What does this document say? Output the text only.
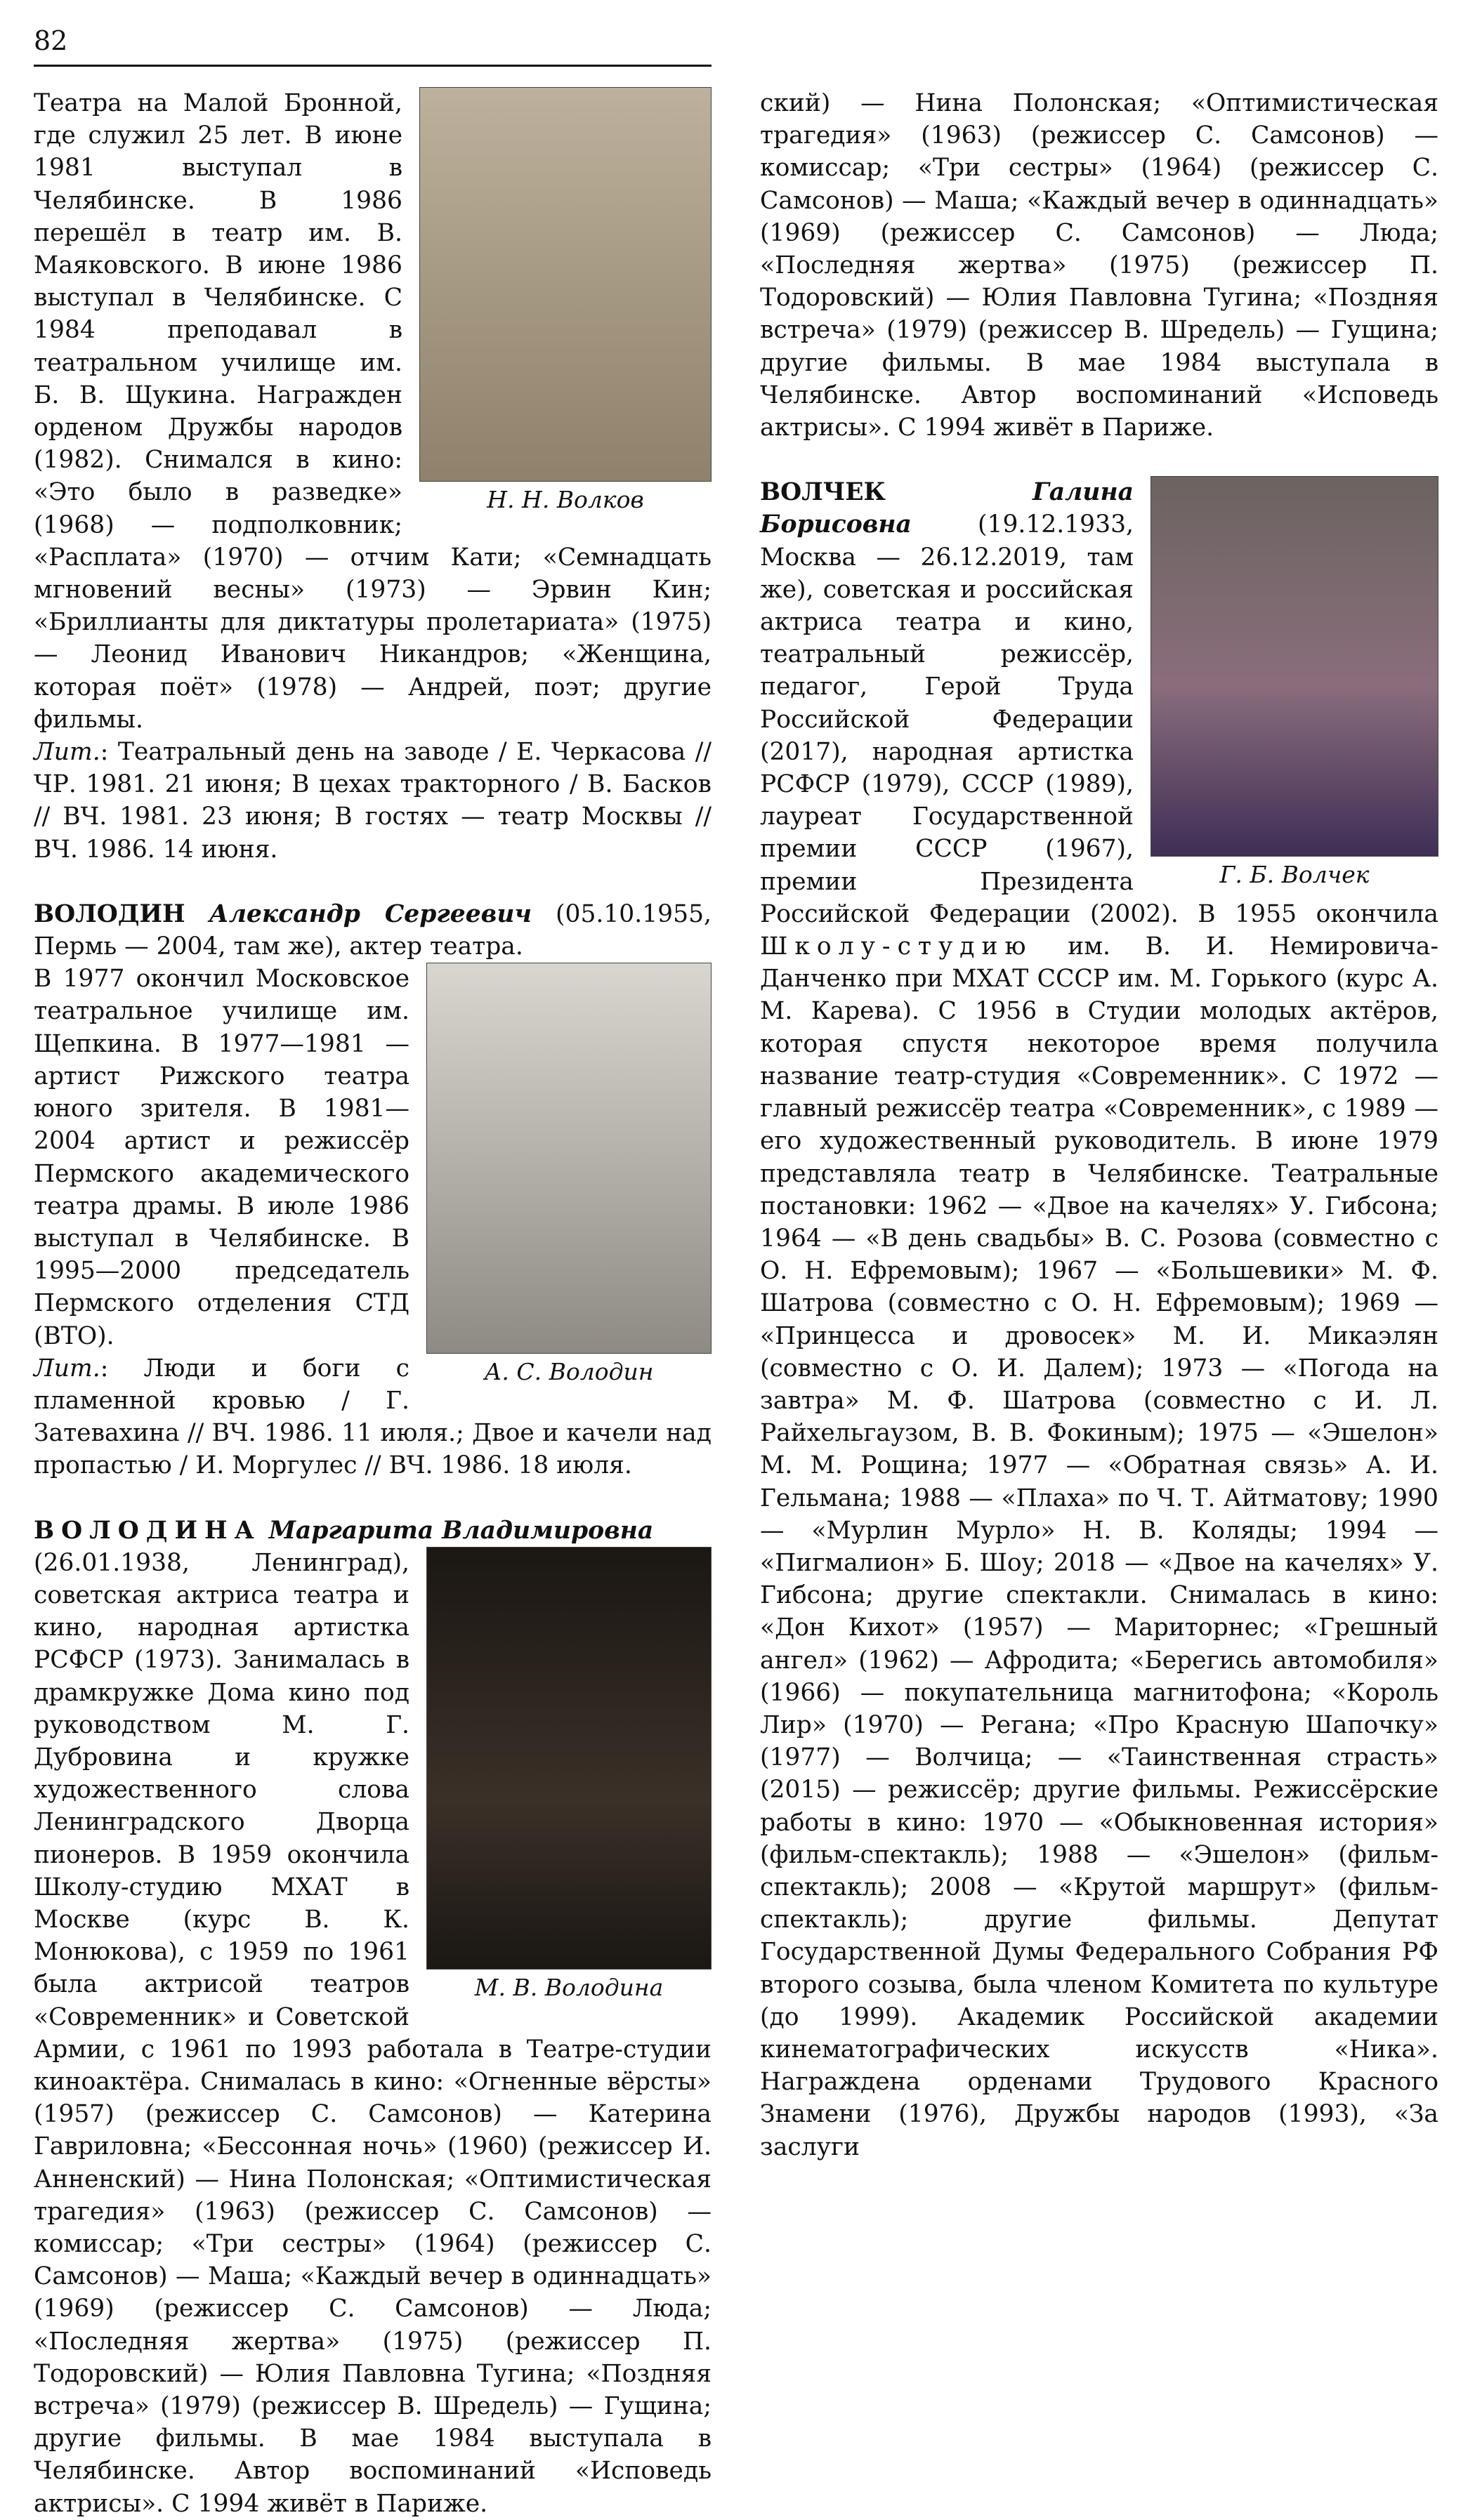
82
Н. Н. Волков

Театра на Малой Бронной, где служил 25 лет. В июне 1981 выступал в Челябинске. В 1986 перешёл в театр им. В. Маяковского. В июне 1986 выступал в Челябинске. С 1984 преподавал в театральном училище им. Б. В. Щукина. Награжден орденом Дружбы народов (1982). Снимался в кино: «Это было в разведке» (1968) — подполковник; «Расплата» (1970) — отчим Кати; «Семнадцать мгновений весны» (1973) — Эрвин Кин; «Бриллианты для диктатуры пролетариата» (1975) — Леонид Иванович Никандров; «Женщина, которая поёт» (1978) — Андрей, поэт; другие фильмы.

Лит.: Театральный день на заводе / Е. Черкасова // ЧР. 1981. 21 июня; В цехах тракторного / В. Басков // ВЧ. 1981. 23 июня; В гостях — театр Москвы // ВЧ. 1986. 14 июня.

ВОЛОДИН Александр Сергеевич (05.10.1955, Пермь — 2004, там же), актер театра.

А. С. Володин

В 1977 окончил Московское театральное училище им. Щепкина. В 1977—1981 — артист Рижского театра юного зрителя. В 1981—2004 артист и режиссёр Пермского академического театра драмы. В июле 1986 выступал в Челябинске. В 1995—2000 председатель Пермского отделения СТД (ВТО).

Лит.: Люди и боги с пламенной кровью / Г. Затевахина // ВЧ. 1986. 11 июля.; Двое и качели над пропастью / И. Моргулес // ВЧ. 1986. 18 июля.

ВОЛОДИНА Маргарита Владимировна

М. В. Володина

(26.01.1938, Ленинград), советская актриса театра и кино, народная артистка РСФСР (1973). Занималась в драмкружке Дома кино под руководством М. Г. Дубровина и кружке художественного слова Ленинградского Дворца пионеров. В 1959 окончила Школу-студию МХАТ в Москве (курс В. К. Монюкова), с 1959 по 1961 была актрисой театров «Современник» и Советской Армии, с 1961 по 1993 работала в Театре-студии киноактёра. Снималась в кино: «Огненные вёрсты» (1957) (режиссер С. Самсонов) — Катерина Гавриловна; «Бессонная ночь» (1960) (режиссер И. Анненский) — Нина Полонская; «Оптимистическая трагедия» (1963) (режиссер С. Самсонов) — комиссар; «Три сестры» (1964) (режиссер С. Самсонов) — Маша; «Каждый вечер в одиннадцать» (1969) (режиссер С. Самсонов) — Люда; «Последняя жертва» (1975) (режиссер П. Тодоровский) — Юлия Павловна Тугина; «Поздняя встреча» (1979) (режиссер В. Шредель) — Гущина; другие фильмы. В мае 1984 выступала в Челябинске. Автор воспоминаний «Исповедь актрисы». С 1994 живёт в Париже.

ский) — Нина Полонская; «Оптимистическая трагедия» (1963) (режиссер С. Самсонов) — комиссар; «Три сестры» (1964) (режиссер С. Самсонов) — Маша; «Каждый вечер в одиннадцать» (1969) (режиссер С. Самсонов) — Люда; «Последняя жертва» (1975) (режиссер П. Тодоровский) — Юлия Павловна Тугина; «Поздняя встреча» (1979) (режиссер В. Шредель) — Гущина; другие фильмы. В мае 1984 выступала в Челябинске. Автор воспоминаний «Исповедь актрисы». С 1994 живёт в Париже.

Г. Б. Волчек

ВОЛЧЕК	Галина Борисовна (19.12.1933, Москва — 26.12.2019, там же), советская и российская актриса театра и кино, театральный режиссёр, педагог, Герой Труда Российской Федерации (2017), народная артистка РСФСР (1979), СССР (1989), лауреат Государственной премии СССР (1967), премии Президента Российской Федерации (2002). В 1955 окончила Школу-студию им. В. И. Немировича-Данченко при МХАТ СССР им. М. Горького (курс А. М. Карева). С 1956 в Студии молодых актёров, которая спустя некоторое время получила название театр-студия «Современник». С 1972 — главный режиссёр театра «Современник», с 1989 — его художественный руководитель. В июне 1979 представляла театр в Челябинске. Театральные постановки: 1962 — «Двое на качелях» У. Гибсона; 1964 — «В день свадьбы» В. С. Розова (совместно с О. Н. Ефремовым); 1967 — «Большевики» М. Ф. Шатрова (совместно с О. Н. Ефремовым); 1969 — «Принцесса и дровосек» М. И. Микаэлян (совместно с О. И. Далем); 1973 — «Погода на завтра» М. Ф. Шатрова (совместно с И. Л. Райхельгаузом, В. В. Фокиным); 1975 — «Эшелон» М. М. Рощина; 1977 — «Обратная связь» А. И. Гельмана; 1988 — «Плаха» по Ч. Т. Айтматову; 1990 — «Мурлин Мурло» Н. В. Коляды; 1994 — «Пигмалион» Б. Шоу; 2018 — «Двое на качелях» У. Гибсона; другие спектакли. Снималась в кино: «Дон Кихот» (1957) — Мариторнес; «Грешный ангел» (1962) — Афродита; «Берегись автомобиля» (1966) — покупательница магнитофона; «Король Лир» (1970) — Регана; «Про Красную Шапочку» (1977) — Волчица; — «Таинственная страсть» (2015) — режиссёр; другие фильмы. Режиссёрские работы в кино: 1970 — «Обыкновенная история» (фильм-спектакль); 1988 — «Эшелон» (фильм-спектакль); 2008 — «Крутой маршрут» (фильм-спектакль); другие фильмы. Депутат Государственной Думы Федерального Собрания РФ второго созыва, была членом Комитета по культуре (до 1999). Академик Российской академии кинематографических искусств «Ника». Награждена орденами Трудового Красного Знамени (1976), Дружбы народов (1993), «За заслуги
